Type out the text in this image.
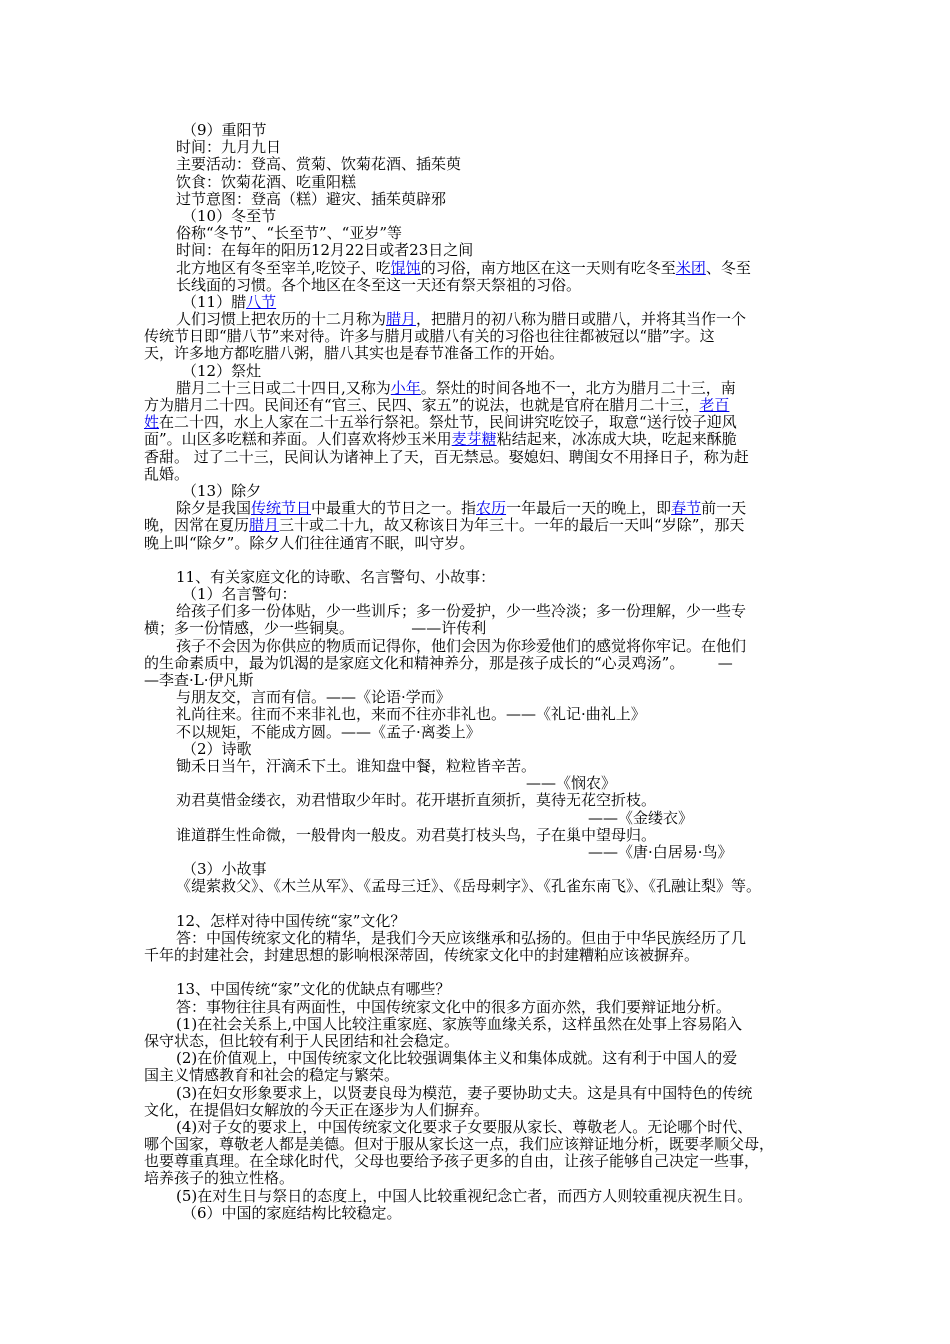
（9）重阳节
时间：九月九日
主要活动：登高、赏菊、饮菊花酒、插茱萸
饮食：饮菊花酒、吃重阳糕
过节意图：登高（糕）避灾、插茱萸辟邪
（10）冬至节
俗称“冬节”、“长至节”、“亚岁”等
时间：在每年的阳历12月22日或者23日之间
北方地区有冬至宰羊,吃饺子、吃馄饨的习俗，南方地区在这一天则有吃冬至米团、冬至
长线面的习惯。各个地区在冬至这一天还有祭天祭祖的习俗。
（11）腊八节
人们习惯上把农历的十二月称为腊月，把腊月的初八称为腊日或腊八，并将其当作一个
传统节日即“腊八节”来对待。许多与腊月或腊八有关的习俗也往往都被冠以“腊”字。这
天，许多地方都吃腊八粥，腊八其实也是春节准备工作的开始。
（12）祭灶
腊月二十三日或二十四日,又称为小年。祭灶的时间各地不一，北方为腊月二十三，南
方为腊月二十四。民间还有“官三、民四、家五”的说法，也就是官府在腊月二十三，老百
姓在二十四，水上人家在二十五举行祭祀。祭灶节，民间讲究吃饺子，取意“送行饺子迎风
面”。山区多吃糕和荞面。人们喜欢将炒玉米用麦芽糖粘结起来，冰冻成大块，吃起来酥脆
香甜。 过了二十三，民间认为诸神上了天，百无禁忌。娶媳妇、聘闺女不用择日子，称为赶
乱婚。
（13）除夕
除夕是我国传统节日中最重大的节日之一。指农历一年最后一天的晚上，即春节前一天
晚，因常在夏历腊月三十或二十九，故又称该日为年三十。一年的最后一天叫“岁除”，那天
晚上叫“除夕”。除夕人们往往通宵不眠，叫守岁。
11、有关家庭文化的诗歌、名言警句、小故事：
（1）名言警句：
给孩子们多一份体贴，少一些训斥；多一份爱护，少一些冷淡；多一份理解，少一些专
横；多一份情感，少一些铜臭。            ——许传利
孩子不会因为你供应的物质而记得你，他们会因为你珍爱他们的感觉将你牢记。在他们
的生命素质中，最为饥渴的是家庭文化和精神养分，那是孩子成长的“心灵鸡汤”。       —
—李查·L·伊凡斯
与朋友交，言而有信。——《论语·学而》
礼尚往来。往而不来非礼也，来而不往亦非礼也。——《礼记·曲礼上》
不以规矩，不能成方圆。——《孟子·离娄上》
（2）诗歌
锄禾日当午，汗滴禾下土。谁知盘中餐，粒粒皆辛苦。
——《悯农》
劝君莫惜金缕衣，劝君惜取少年时。花开堪折直须折，莫待无花空折枝。
——《金缕衣》
谁道群生性命微，一般骨肉一般皮。劝君莫打枝头鸟，子在巢中望母归。
——《唐·白居易·鸟》
（3）小故事
《缇萦救父》、《木兰从军》、《孟母三迁》、《岳母刺字》、《孔雀东南飞》、《孔融让梨》等。
12、怎样对待中国传统“家”文化？
答：中国传统家文化的精华，是我们今天应该继承和弘扬的。但由于中华民族经历了几
千年的封建社会，封建思想的影响根深蒂固，传统家文化中的封建糟粕应该被摒弃。
13、中国传统“家”文化的优缺点有哪些？
答：事物往往具有两面性，中国传统家文化中的很多方面亦然，我们要辩证地分析。
(1)在社会关系上,中国人比较注重家庭、家族等血缘关系，这样虽然在处事上容易陷入
保守状态，但比较有利于人民团结和社会稳定。
(2)在价值观上，中国传统家文化比较强调集体主义和集体成就。这有利于中国人的爱
国主义情感教育和社会的稳定与繁荣。
(3)在妇女形象要求上，以贤妻良母为模范，妻子要协助丈夫。这是具有中国特色的传统
文化，在提倡妇女解放的今天正在逐步为人们摒弃。
(4)对子女的要求上，中国传统家文化要求子女要服从家长、尊敬老人。无论哪个时代、
哪个国家，尊敬老人都是美德。但对于服从家长这一点，我们应该辩证地分析，既要孝顺父母，
也要尊重真理。在全球化时代，父母也要给予孩子更多的自由，让孩子能够自己决定一些事，
培养孩子的独立性格。
(5)在对生日与祭日的态度上，中国人比较重视纪念亡者，而西方人则较重视庆祝生日。
（6）中国的家庭结构比较稳定。
